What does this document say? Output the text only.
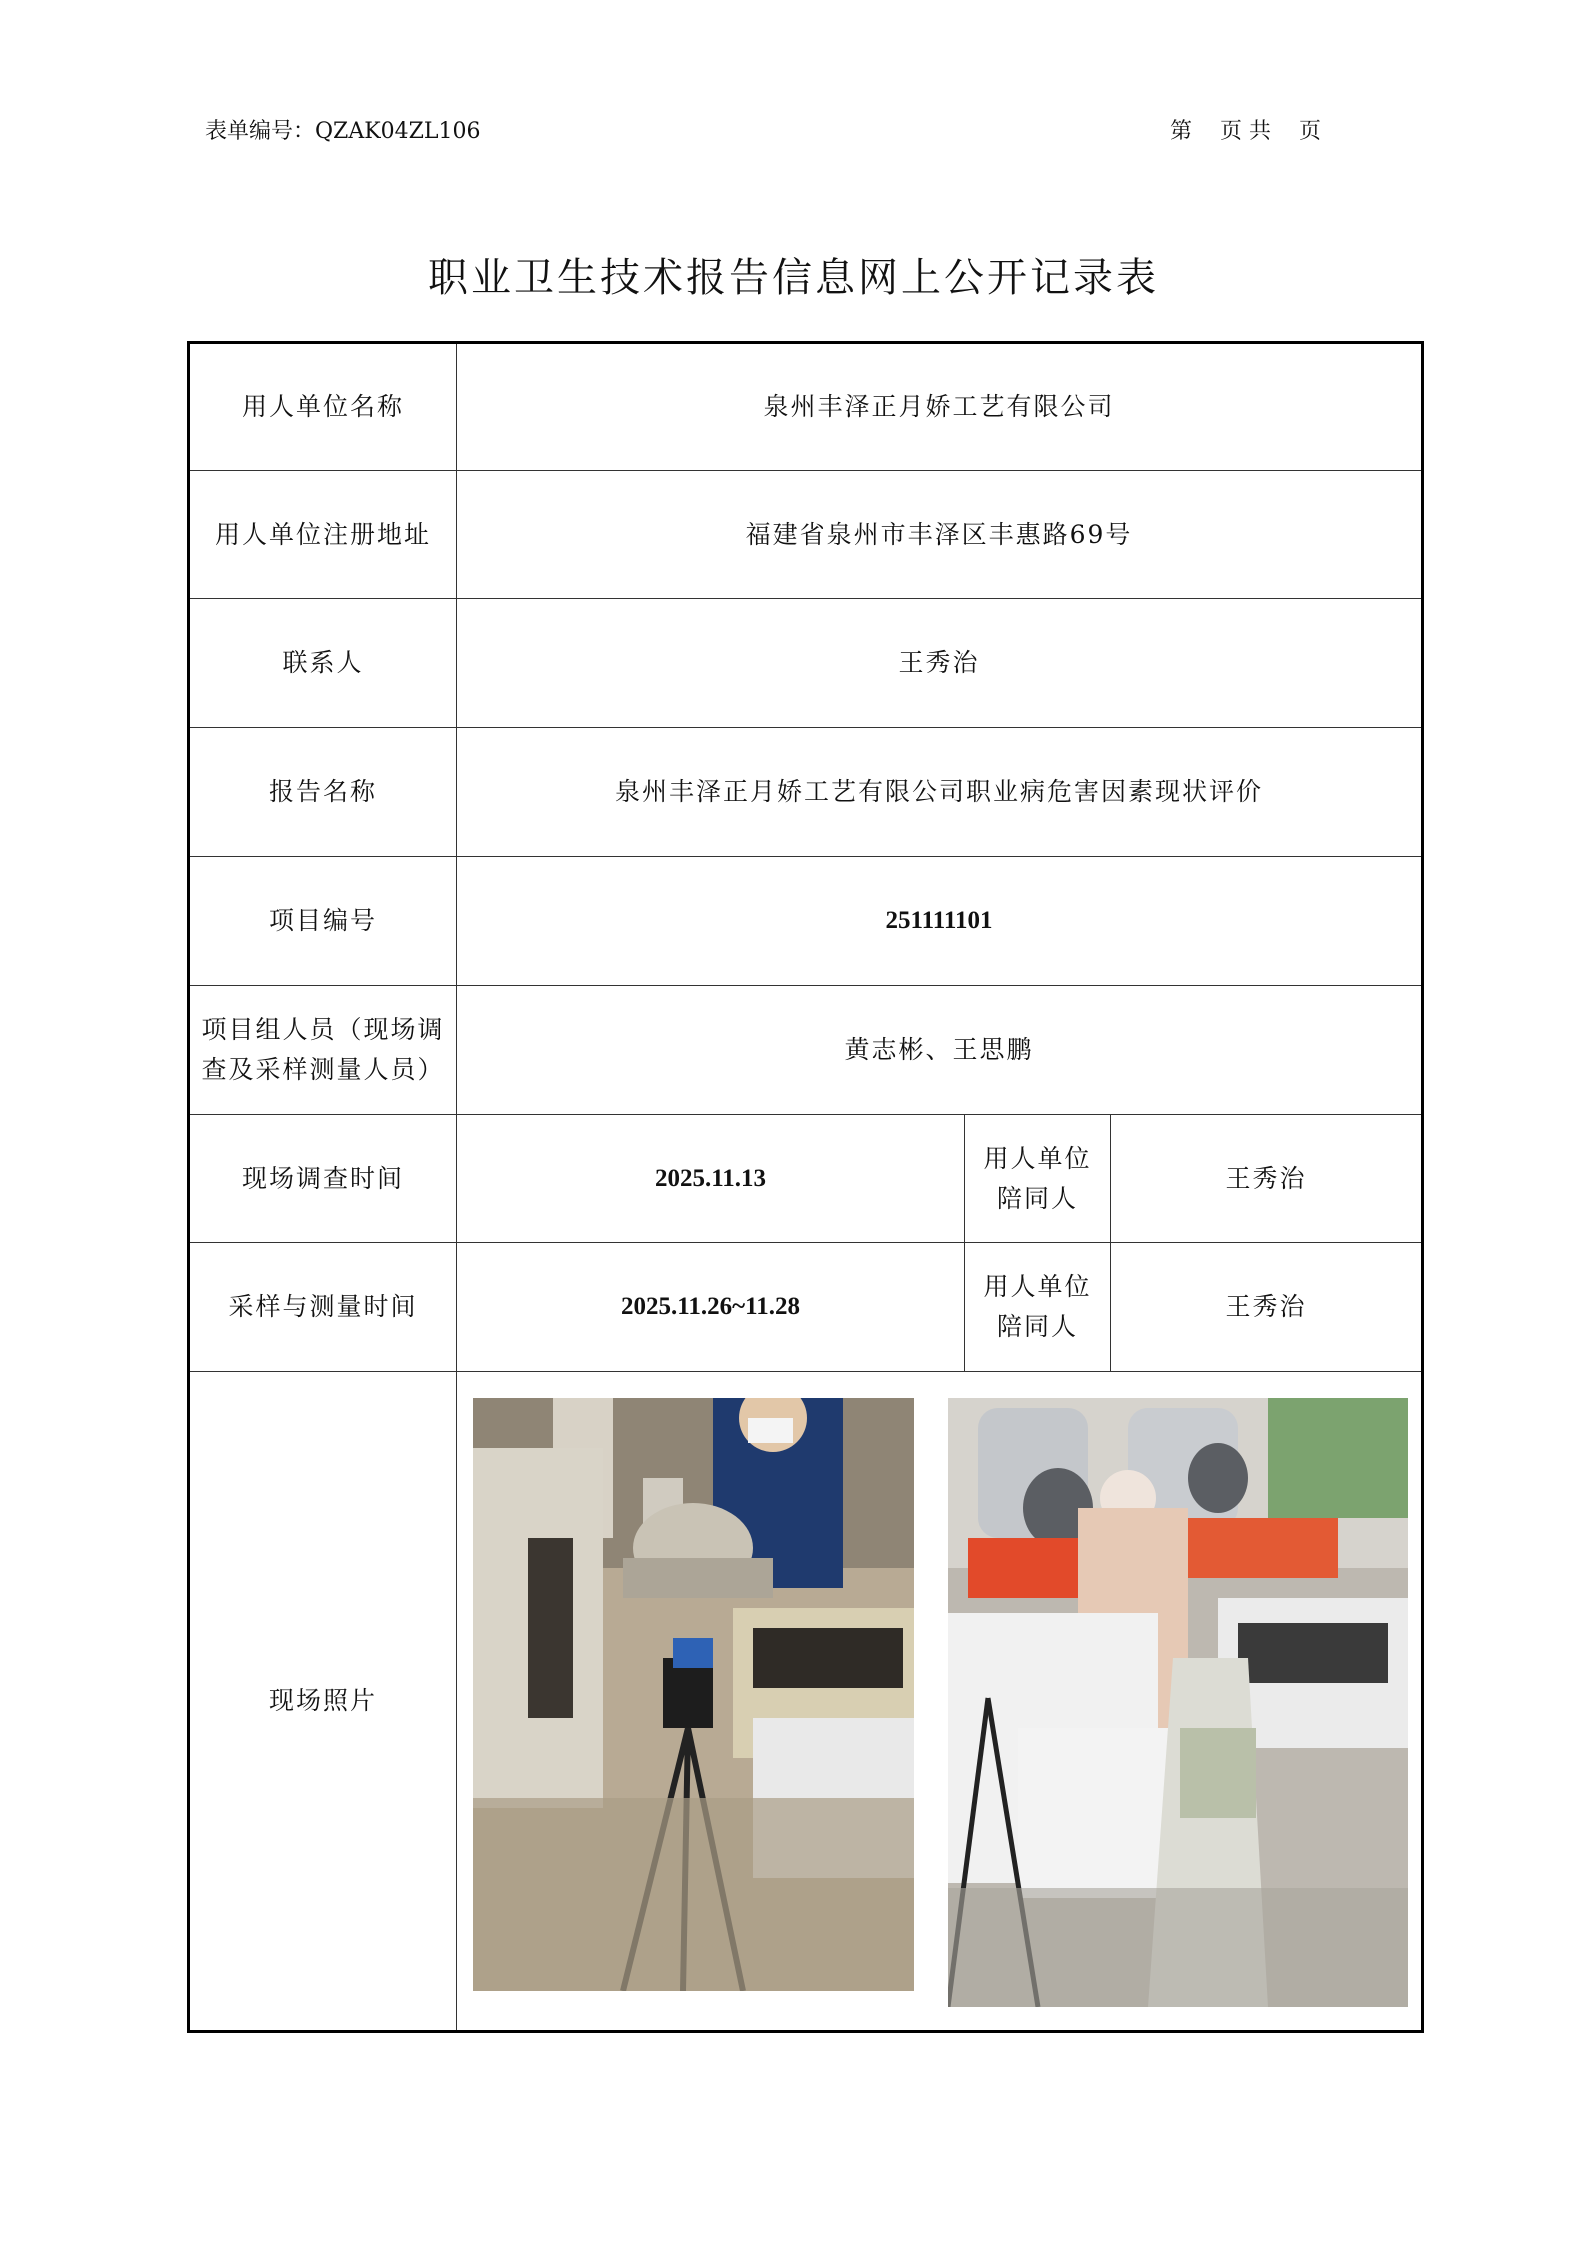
表单编号：QZAK04ZL106	第    页 共    页
职业卫生技术报告信息网上公开记录表
用人单位名称	泉州丰泽正月娇工艺有限公司		
用人单位注册地址	福建省泉州市丰泽区丰惠路69号		
联系人	王秀治		
报告名称	泉州丰泽正月娇工艺有限公司职业病危害因素现状评价		
项目编号	251111101		
项目组人员（现场调查及采样测量人员）	黄志彬、王思鹏		
现场调查时间	2025.11.13	用人单位陪同人	王秀治
采样与测量时间	2025.11.26~11.28	用人单位陪同人	王秀治
现场照片	
